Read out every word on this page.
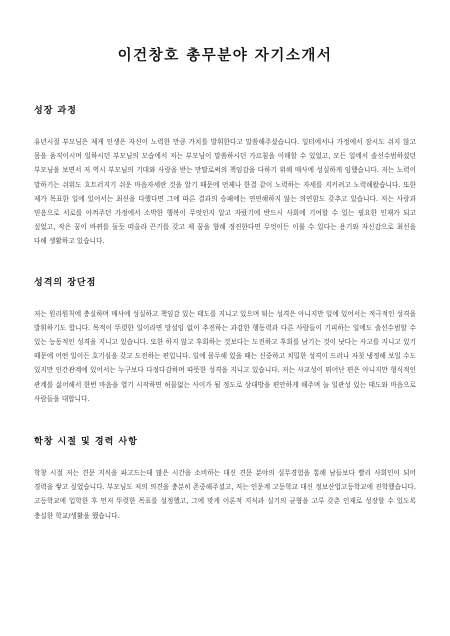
이건창호 총무분야 자기소개서
성장 과정

유년시절 부모님은 제게 인생은 자신이 노력한 만큼 가치를 발휘한다고 말씀해주셨습니다. 일터에서나 가정에서 잠시도 쉬지 않고 몸을 움직이시며 일하시던 부모님의 모습에서 저는 부모님이 말씀하시던 가르침을 이해할 수 있었고, 모든 일에서 솔선수범하셨던 부모님을 보면서 저 역시 부모님의 기대와 사랑을 받는 만딸로써의 책임감을 다하기 위해 매사에 성실하게 임했습니다. 저는 노력이 말하기는 쉬워도 흐트러지기 쉬운 마음자세란 것을 알기 때문에 언제나 한결 같이 노력하는 자세를 지키려고 노력해왔습니다. 또한 제가 목표한 일에 있어서는 최선을 다했다면 그에 따른 결과의 승패에는 연연해하지 않는 의연함도 갖추고 있습니다. 저는 사랑과 믿음으로 서로를 아껴주던 가정에서 소박한 행복이 무엇인지 알고 자랐기에 반드시 사회에 기여할 수 있는 필요한 인재가 되고 싶었고, 작은 꿈이 바뀌를 돌듯 떠올라 끈기를 갖고 제 꿈을 향해 정진한다면 무엇이든 이룰 수 있다는 용기와 자신감으로 최선을 다해 생활하고 있습니다.

성격의 장단점

저는 원리원칙에 충실하며 매사에 성실하고 책임감 있는 태도를 지니고 있으며 튀는 성격은 아니지만 일에 있어서는 적극적인 성격을 발휘하기도 합니다. 목적이 뚜렷한 일이라면 망설임 없이 추진하는 과감한 행동력과 다른 사람들이 기피하는 일에도 솔선수범할 수 있는 능동적인 성격을 지니고 있습니다. 또한 하지 않고 후회하는 것보다는 도전하고 후회를 남기는 것이 낫다는 사고를 지니고 있기 때문에 어떤 일이든 호기심을 갖고 도전하는 편입니다. 일에 몰두해 있을 때는 신중하고 치밀한 성격이 드러나 자칫 냉정해 보일 수도 있지만 인간관계에 있어서는 누구보다 다정다감하며 따뜻한 성격을 지니고 있습니다. 저는 사교성이 뛰어난 편은 아니지만 형식적인 관계를 싫어해서 한번 마음을 열기 시작하면 허물없는 사이가 될 정도로 상대방을 편안하게 해주며 늘 일관성 있는 태도와 마음으로 사람들을 대합니다.

학창 시절 및 경력 사항

학창 시절 저는 견문 지식을 파고드는데 많은 시간을 소비하는 대신 견문 분야의 실무경험을 통해 남들보다 빨리 사회인이 되어 경력을 쌓고 싶었습니다. 부모님도 저의 의견을 충분히 존중해주셨고, 저는 인문계 고등학교 대신 정보산업고등학교에 진학했습니다. 고등학교에 입학한 후 먼저 뚜렷한 목표를 설정했고, 그에 맞게 이론적 지식과 실기의 균형을 고루 갖춘 인재로 성장할 수 있도록 충실한 학교/생활을 했습니다.
